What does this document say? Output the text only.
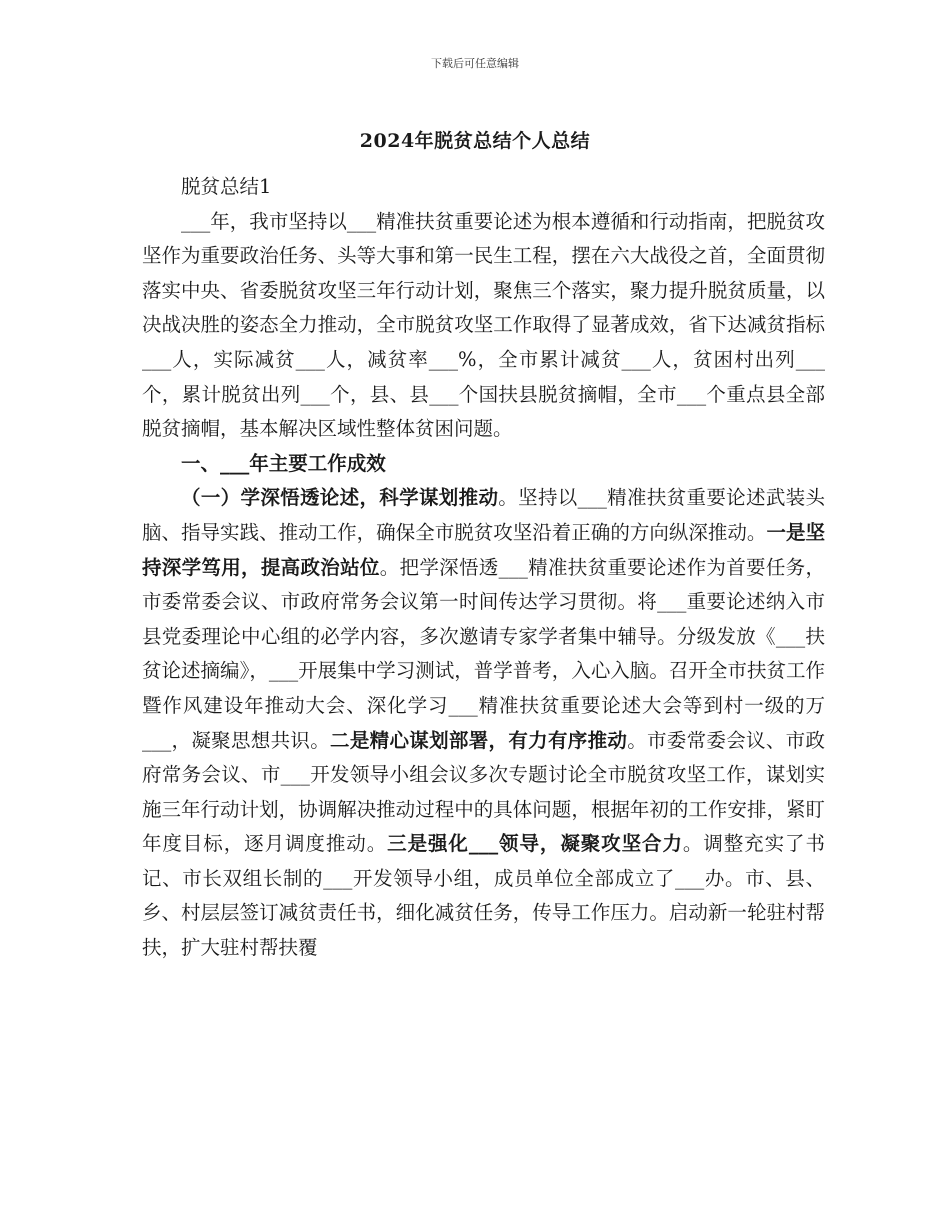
下载后可任意编辑
2024年脱贫总结个人总结

脱贫总结1

___年，我市坚持以___精准扶贫重要论述为根本遵循和行动指南，把脱贫攻坚作为重要政治任务、头等大事和第一民生工程，摆在六大战役之首，全面贯彻落实中央、省委脱贫攻坚三年行动计划，聚焦三个落实，聚力提升脱贫质量，以决战决胜的姿态全力推动，全市脱贫攻坚工作取得了显著成效，省下达减贫指标___人，实际减贫___人，减贫率___%，全市累计减贫___人，贫困村出列___个，累计脱贫出列___个，县、县___个国扶县脱贫摘帽，全市___个重点县全部脱贫摘帽，基本解决区域性整体贫困问题。

一、___年主要工作成效

（一）学深悟透论述，科学谋划推动。坚持以___精准扶贫重要论述武装头脑、指导实践、推动工作，确保全市脱贫攻坚沿着正确的方向纵深推动。一是坚持深学笃用，提高政治站位。把学深悟透___精准扶贫重要论述作为首要任务，市委常委会议、市政府常务会议第一时间传达学习贯彻。将___重要论述纳入市县党委理论中心组的必学内容，多次邀请专家学者集中辅导。分级发放《___扶贫论述摘编》，___开展集中学习测试，普学普考，入心入脑。召开全市扶贫工作暨作风建设年推动大会、深化学习___精准扶贫重要论述大会等到村一级的万___，凝聚思想共识。二是精心谋划部署，有力有序推动。市委常委会议、市政府常务会议、市___开发领导小组会议多次专题讨论全市脱贫攻坚工作，谋划实施三年行动计划，协调解决推动过程中的具体问题，根据年初的工作安排，紧盯年度目标，逐月调度推动。三是强化___领导，凝聚攻坚合力。调整充实了书记、市长双组长制的___开发领导小组，成员单位全部成立了___办。市、县、乡、村层层签订减贫责任书，细化减贫任务，传导工作压力。启动新一轮驻村帮扶，扩大驻村帮扶覆
